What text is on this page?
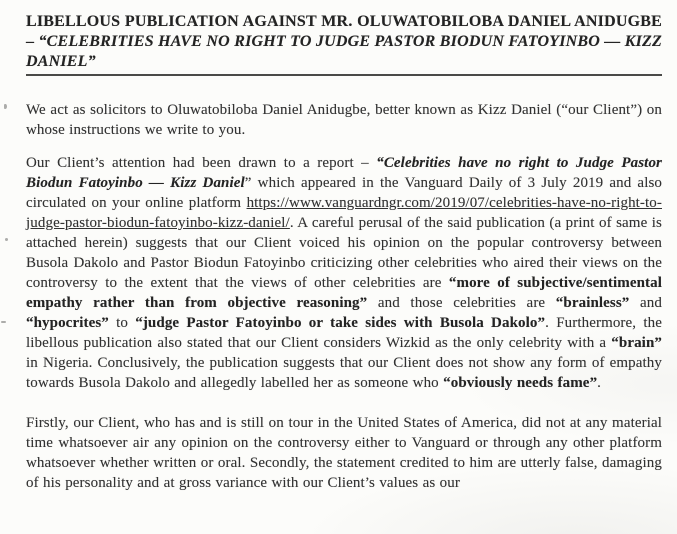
LIBELLOUS PUBLICATION AGAINST MR. OLUWATOBILOBA DANIEL ANIDUGBE – “CELEBRITIES HAVE NO RIGHT TO JUDGE PASTOR BIODUN FATOYINBO — KIZZ DANIEL”

We act as solicitors to Oluwatobiloba Daniel Anidugbe, better known as Kizz Daniel (“our Client”) on whose instructions we write to you.

Our Client’s attention had been drawn to a report – “Celebrities have no right to Judge Pastor Biodun Fatoyinbo — Kizz Daniel” which appeared in the Vanguard Daily of 3 July 2019 and also circulated on your online platform https://www.vanguardngr.com/2019/07/celebrities-have-no-right-to-judge-pastor-biodun-fatoyinbo-kizz-daniel/. A careful perusal of the said publication (a print of same is attached herein) suggests that our Client voiced his opinion on the popular controversy between Busola Dakolo and Pastor Biodun Fatoyinbo criticizing other celebrities who aired their views on the controversy to the extent that the views of other celebrities are “more of subjective/sentimental empathy rather than from objective reasoning” and those celebrities are “brainless” and “hypocrites” to “judge Pastor Fatoyinbo or take sides with Busola Dakolo”. Furthermore, the libellous publication also stated that our Client considers Wizkid as the only celebrity with a “brain” in Nigeria. Conclusively, the publication suggests that our Client does not show any form of empathy towards Busola Dakolo and allegedly labelled her as someone who “obviously needs fame”.

Firstly, our Client, who has and is still on tour in the United States of America, did not at any material time whatsoever air any opinion on the controversy either to Vanguard or through any other platform whatsoever whether written or oral. Secondly, the statement credited to him are utterly false, damaging of his personality and at gross variance with our Client’s values as our
